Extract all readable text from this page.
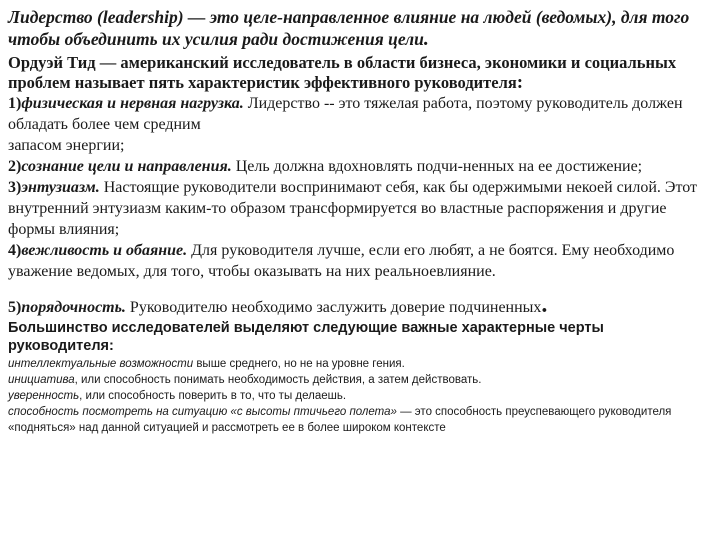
Лидерство (leadership) — это целе-направленное влияние на людей (ведомых), для того чтобы объединить их усилия ради достижения цели.

Ордуэй Тид — американский исследователь в области бизнеса, экономики и социальных проблем называет пять характеристик эффективного руководителя:

1)физическая и нервная нагрузка. Лидерство -- это тяжелая работа, поэтому руководитель должен обладать более чем средним
запасом энергии;

2)сознание цели и направления. Цель должна вдохновлять подчи-ненных на ее достижение;

3)энтузиазм. Настоящие руководители воспринимают себя, как бы одержимыми некоей силой. Этот внутренний энтузиазм каким-то образом трансформируется во властные распоряжения и другие формы влияния;

4)вежливость и обаяние. Для руководителя лучше, если его любят, а не боятся. Ему необходимо уважение ведомых, для того, чтобы оказывать на них реальноевлияние.

5)порядочность. Руководителю необходимо заслужить доверие подчиненных.

Большинство исследователей выделяют следующие важные характерные черты руководителя:

интеллектуальные возможности выше среднего, но не на уровне гения.

инициатива, или способность понимать необходимость действия, а затем действовать.

уверенность, или способность поверить в то, что ты делаешь.

способность посмотреть на ситуацию «с высоты птичьего полета» — это способность преуспевающего руководителя «подняться» над данной ситуацией и рассмотреть ее в более широком контексте
